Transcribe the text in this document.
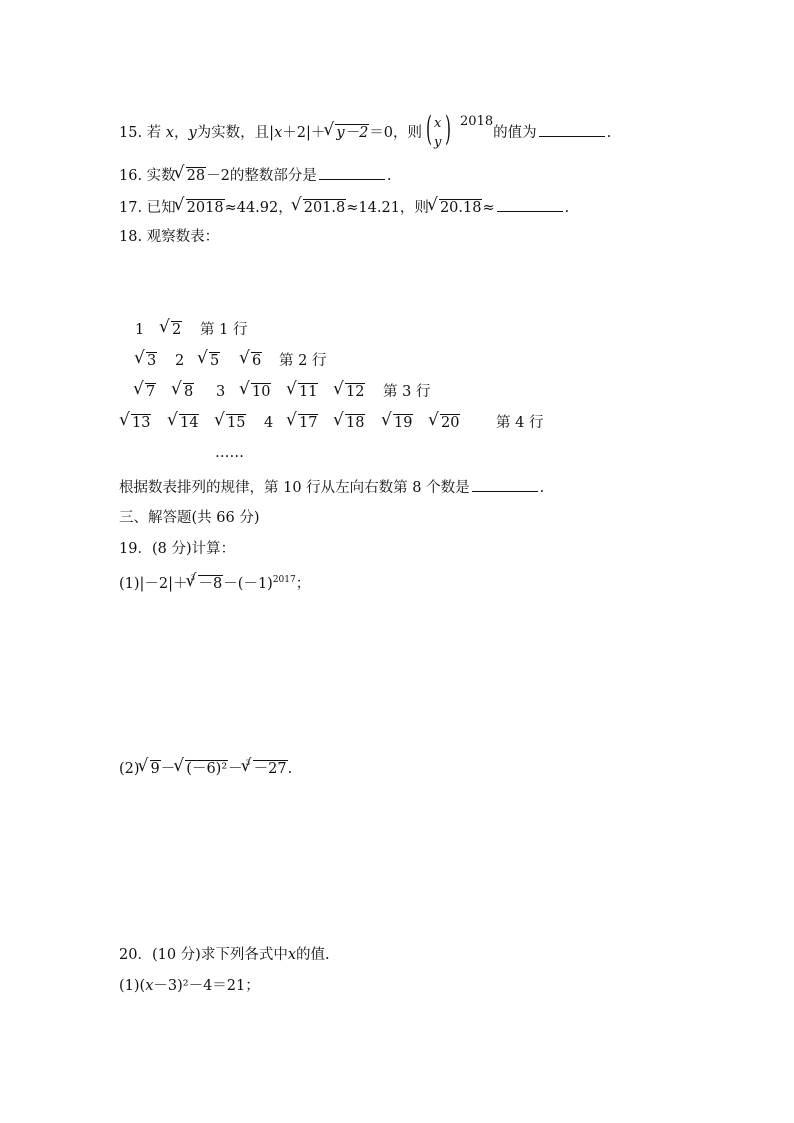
15. 若 x，y为实数，且|x＋2|＋ √ y－2＝0，则 ( x
y ) 2018的值为	.
16. 实数 √ 28－2的整数部分是	.
17. 已知 √ 2018≈44.92， √ 201.8≈14.21，则 √ 20.18≈	.
18. 观察数表：
1	√ 2 第 1 行
√ 3 2	√ 5	√ 6 第 2 行
√ 7	√ 8 3	√ 10	√ 11	√ 12 第 3 行
√ 13	√ 14	√ 15 4	√ 17	√ 18	√ 19	√ 20	第 4 行
……
根据数表排列的规律，第 10 行从左向右数第 8 个数是	.
三、解答题(共 66 分)
19．(8 分)计算：
(1)|－2|＋ √ $3 -8-(-1)^{2017}$；
(2) √ 9－ √ (－6)²－ √ 3 －27.
20．(10 分)求下列各式中x的值.
(1)(x－3)²－4＝21；
